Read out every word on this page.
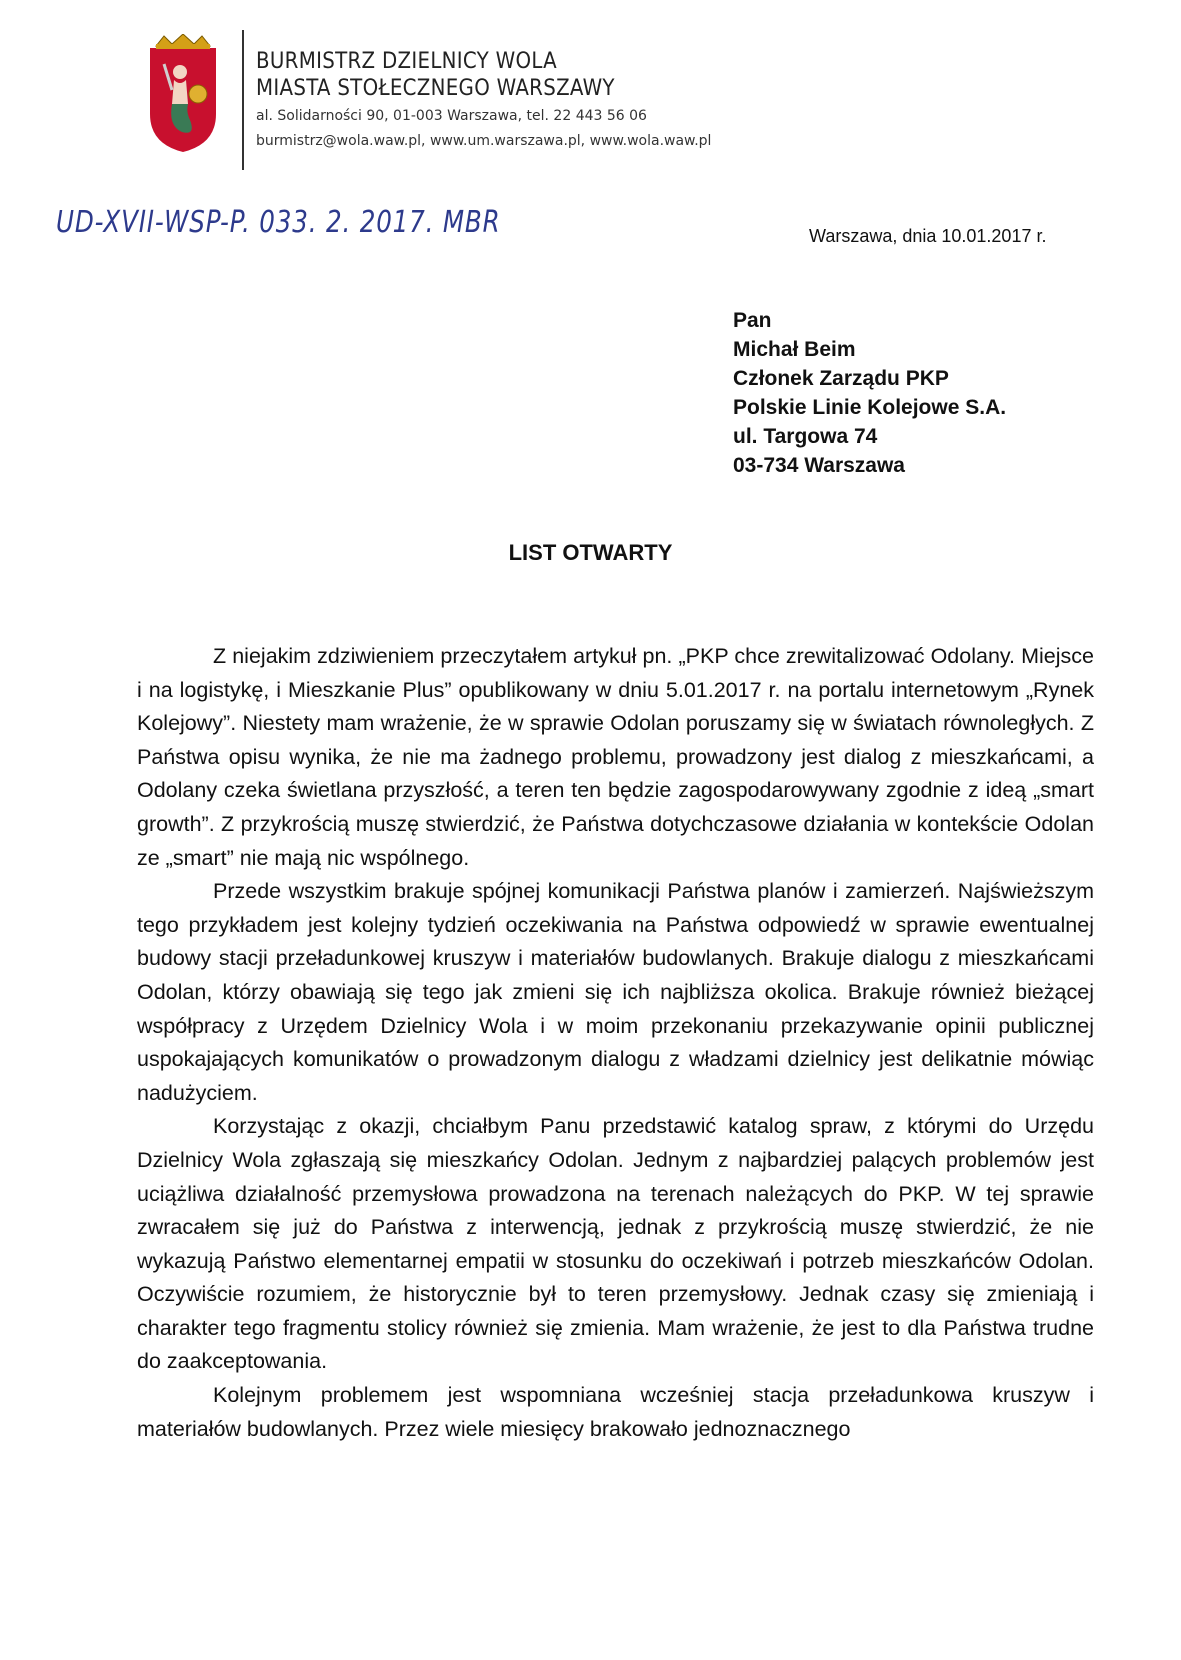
BURMISTRZ DZIELNICY WOLA
MIASTA STOŁECZNEGO WARSZAWY
al. Solidarności 90, 01-003 Warszawa, tel. 22 443 56 06
burmistrz@wola.waw.pl, www.um.warszawa.pl, www.wola.waw.pl
UD-XVII-WSP-P. 033. 2. 2017. MBR	Warszawa, dnia 10.01.2017 r.
Pan
Michał Beim
Członek Zarządu PKP
Polskie Linie Kolejowe S.A.
ul. Targowa 74
03-734 Warszawa
LIST OTWARTY

Z niejakim zdziwieniem przeczytałem artykuł pn. „PKP chce zrewitalizować Odolany. Miejsce i na logistykę, i Mieszkanie Plus” opublikowany w dniu 5.01.2017 r. na portalu internetowym „Rynek Kolejowy”. Niestety mam wrażenie, że w sprawie Odolan poruszamy się w światach równoległych. Z Państwa opisu wynika, że nie ma żadnego problemu, prowadzony jest dialog z mieszkańcami, a Odolany czeka świetlana przyszłość, a teren ten będzie zagospodarowywany zgodnie z ideą „smart growth”. Z przykrością muszę stwierdzić, że Państwa dotychczasowe działania w kontekście Odolan ze „smart” nie mają nic wspólnego.

Przede wszystkim brakuje spójnej komunikacji Państwa planów i zamierzeń. Najświeższym tego przykładem jest kolejny tydzień oczekiwania na Państwa odpowiedź w sprawie ewentualnej budowy stacji przeładunkowej kruszyw i materiałów budowlanych. Brakuje dialogu z mieszkańcami Odolan, którzy obawiają się tego jak zmieni się ich najbliższa okolica. Brakuje również bieżącej współpracy z Urzędem Dzielnicy Wola i w moim przekonaniu przekazywanie opinii publicznej uspokajających komunikatów o prowadzonym dialogu z władzami dzielnicy jest delikatnie mówiąc nadużyciem.

Korzystając z okazji, chciałbym Panu przedstawić katalog spraw, z którymi do Urzędu Dzielnicy Wola zgłaszają się mieszkańcy Odolan. Jednym z najbardziej palących problemów jest uciążliwa działalność przemysłowa prowadzona na terenach należących do PKP. W tej sprawie zwracałem się już do Państwa z interwencją, jednak z przykrością muszę stwierdzić, że nie wykazują Państwo elementarnej empatii w stosunku do oczekiwań i potrzeb mieszkańców Odolan. Oczywiście rozumiem, że historycznie był to teren przemysłowy. Jednak czasy się zmieniają i charakter tego fragmentu stolicy również się zmienia. Mam wrażenie, że jest to dla Państwa trudne do zaakceptowania.

Kolejnym problemem jest wspomniana wcześniej stacja przeładunkowa kruszyw i materiałów budowlanych. Przez wiele miesięcy brakowało jednoznacznego
